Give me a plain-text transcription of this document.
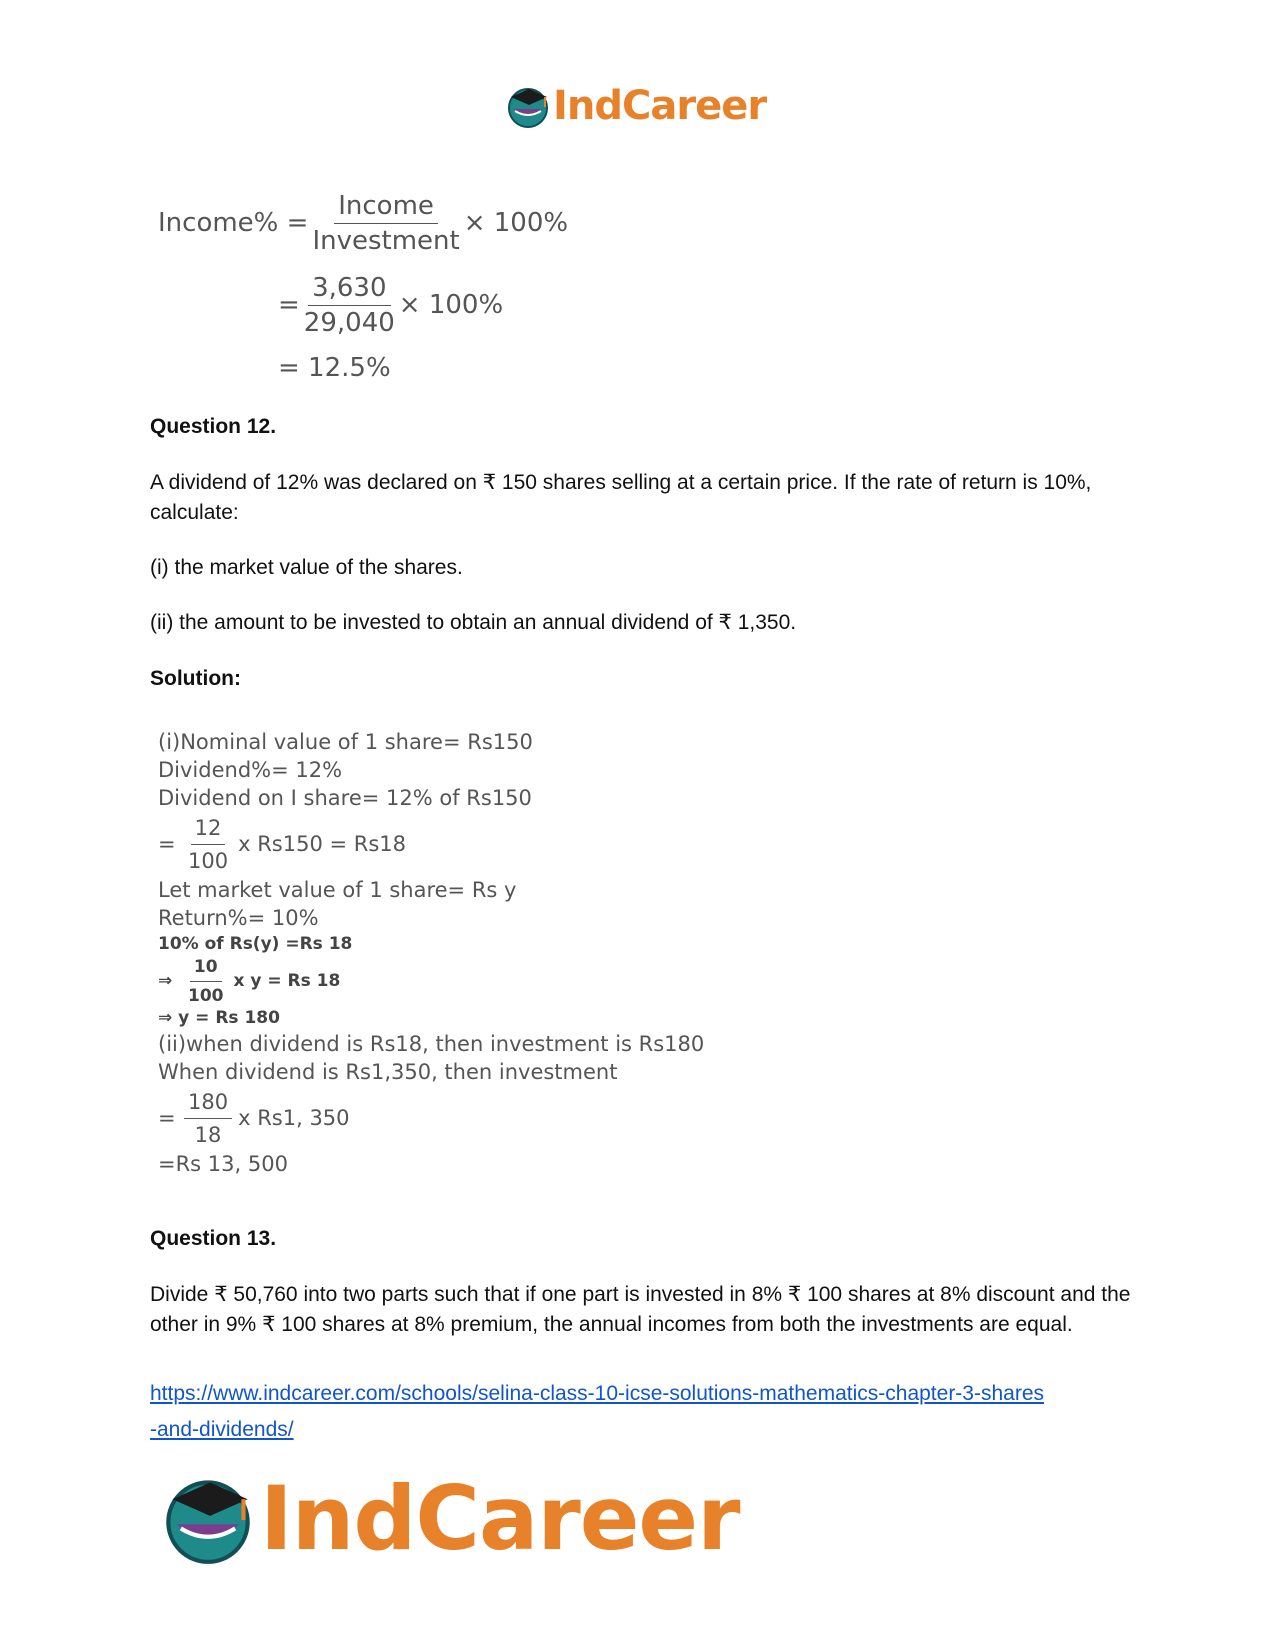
IndCareer
Income% = $\frac{\text{Income}}{\text{Investment}} \times 100\%$
= $\frac{3,630}{29,040} \times 100\%$
= 12.5%
Question 12.
A dividend of 12% was declared on ₹ 150 shares selling at a certain price. If the rate of return is 10%, calculate:
(i) the market value of the shares.
(ii) the amount to be invested to obtain an annual dividend of ₹ 1,350.
Solution:
(i)Nominal value of 1 share= Rs150
Dividend%= 12%
Dividend on I share= 12% of Rs150
= $\frac{12}{100}$ x Rs150 = Rs18
Let market value of 1 share= Rs y
Return%= 10%
10% of Rs(y) =Rs 18
⇒ $\frac{10}{100}$ x y = Rs 18
⇒ y = Rs 180
(ii)when dividend is Rs18, then investment is Rs180
When dividend is Rs1,350, then investment
= $\frac{180}{18}$ x Rs1, 350
=Rs 13, 500
Question 13.
Divide ₹ 50,760 into two parts such that if one part is invested in 8% ₹ 100 shares at 8% discount and the other in 9% ₹ 100 shares at 8% premium, the annual incomes from both the investments are equal.
https://www.indcareer.com/schools/selina-class-10-icse-solutions-mathematics-chapter-3-shares
-and-dividends/
IndCareer
